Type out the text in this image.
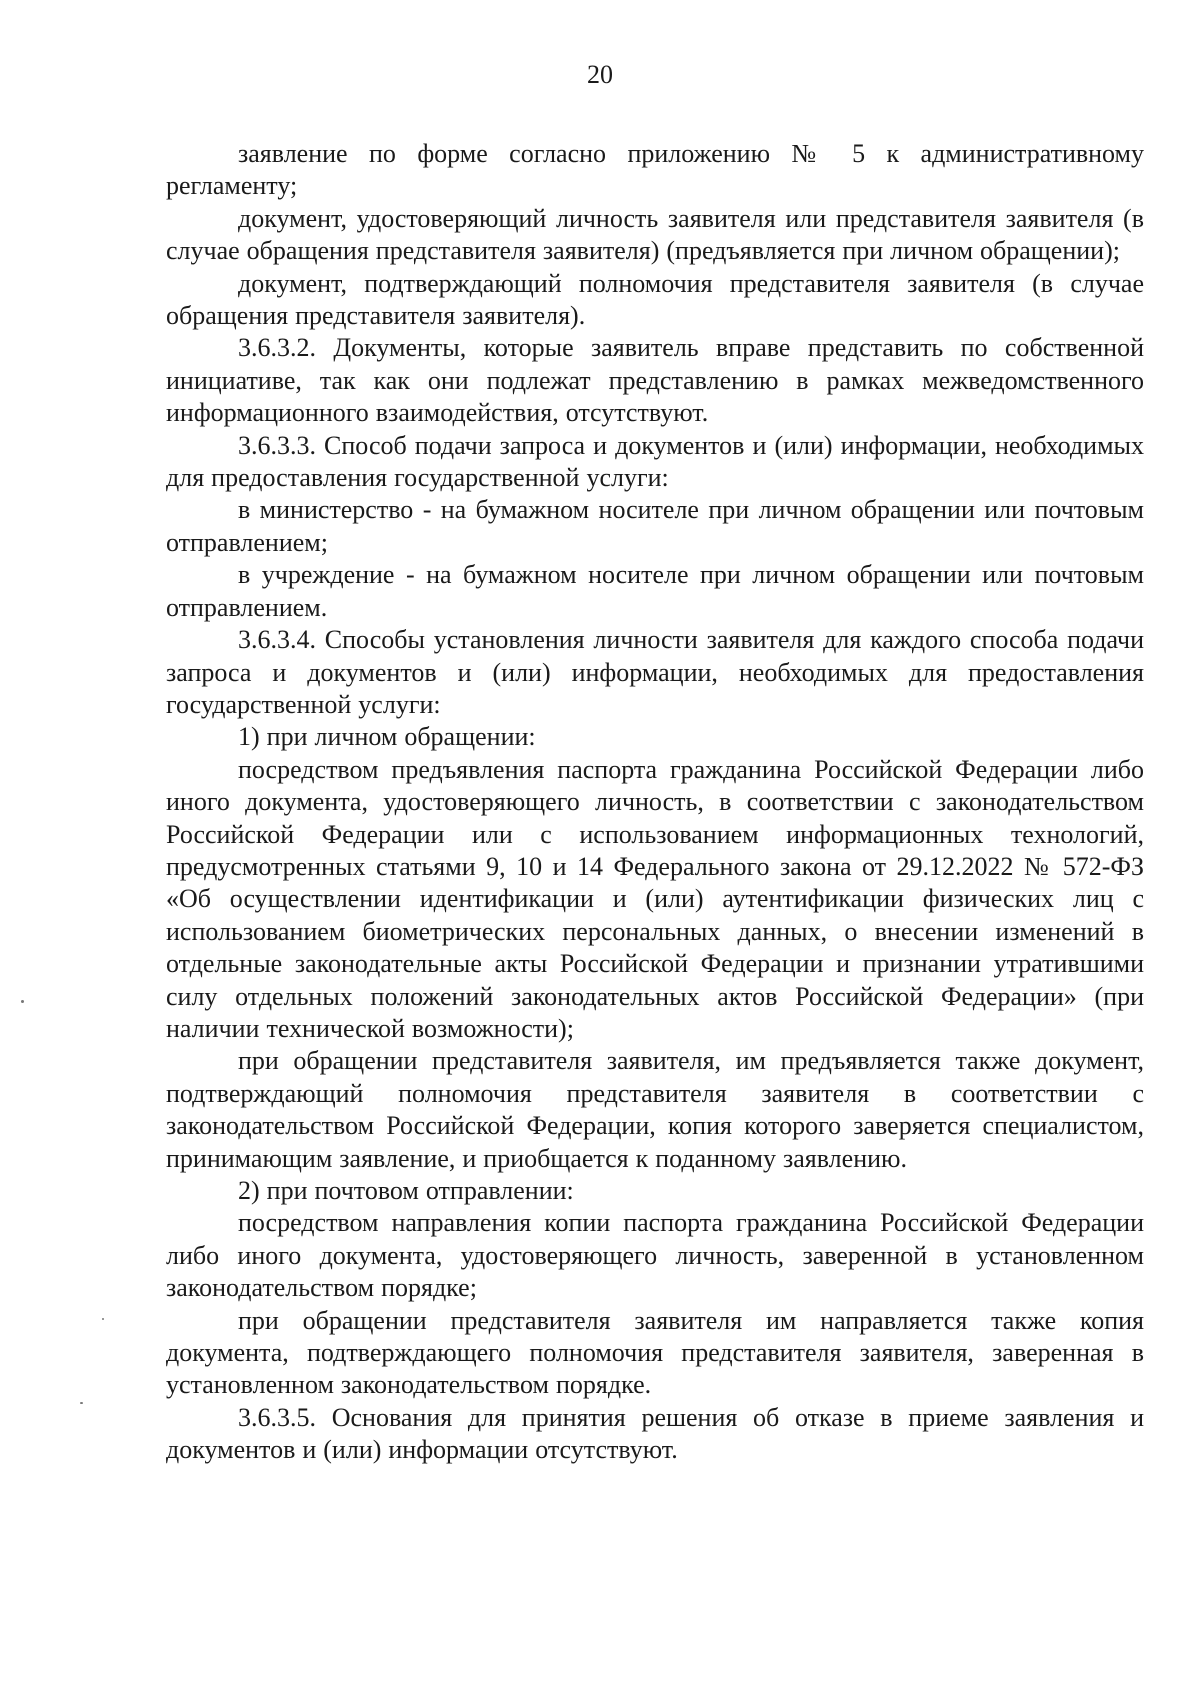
20

заявление по форме согласно приложению № 5 к административному регламенту;

документ, удостоверяющий личность заявителя или представителя заявителя (в случае обращения представителя заявителя) (предъявляется при личном обращении);

документ, подтверждающий полномочия представителя заявителя (в случае обращения представителя заявителя).

3.6.3.2. Документы, которые заявитель вправе представить по собственной инициативе, так как они подлежат представлению в рамках межведомственного информационного взаимодействия, отсутствуют.

3.6.3.3. Способ подачи запроса и документов и (или) информации, необходимых для предоставления государственной услуги:

в министерство - на бумажном носителе при личном обращении или почтовым отправлением;

в учреждение - на бумажном носителе при личном обращении или почтовым отправлением.

3.6.3.4. Способы установления личности заявителя для каждого способа подачи запроса и документов и (или) информации, необходимых для предоставления государственной услуги:

1) при личном обращении:

посредством предъявления паспорта гражданина Российской Федерации либо иного документа, удостоверяющего личность, в соответствии с законодательством Российской Федерации или с использованием информационных технологий, предусмотренных статьями 9, 10 и 14 Федерального закона от 29.12.2022 № 572-ФЗ «Об осуществлении идентификации и (или) аутентификации физических лиц с использованием биометрических персональных данных, о внесении изменений в отдельные законодательные акты Российской Федерации и признании утратившими силу отдельных положений законодательных актов Российской Федерации» (при наличии технической возможности);

при обращении представителя заявителя, им предъявляется также документ, подтверждающий полномочия представителя заявителя в соответствии с законодательством Российской Федерации, копия которого заверяется специалистом, принимающим заявление, и приобщается к поданному заявлению.

2) при почтовом отправлении:

посредством направления копии паспорта гражданина Российской Федерации либо иного документа, удостоверяющего личность, заверенной в установленном законодательством порядке;

при обращении представителя заявителя им направляется также копия документа, подтверждающего полномочия представителя заявителя, заверенная в установленном законодательством порядке.

3.6.3.5. Основания для принятия решения об отказе в приеме заявления и документов и (или) информации отсутствуют.
